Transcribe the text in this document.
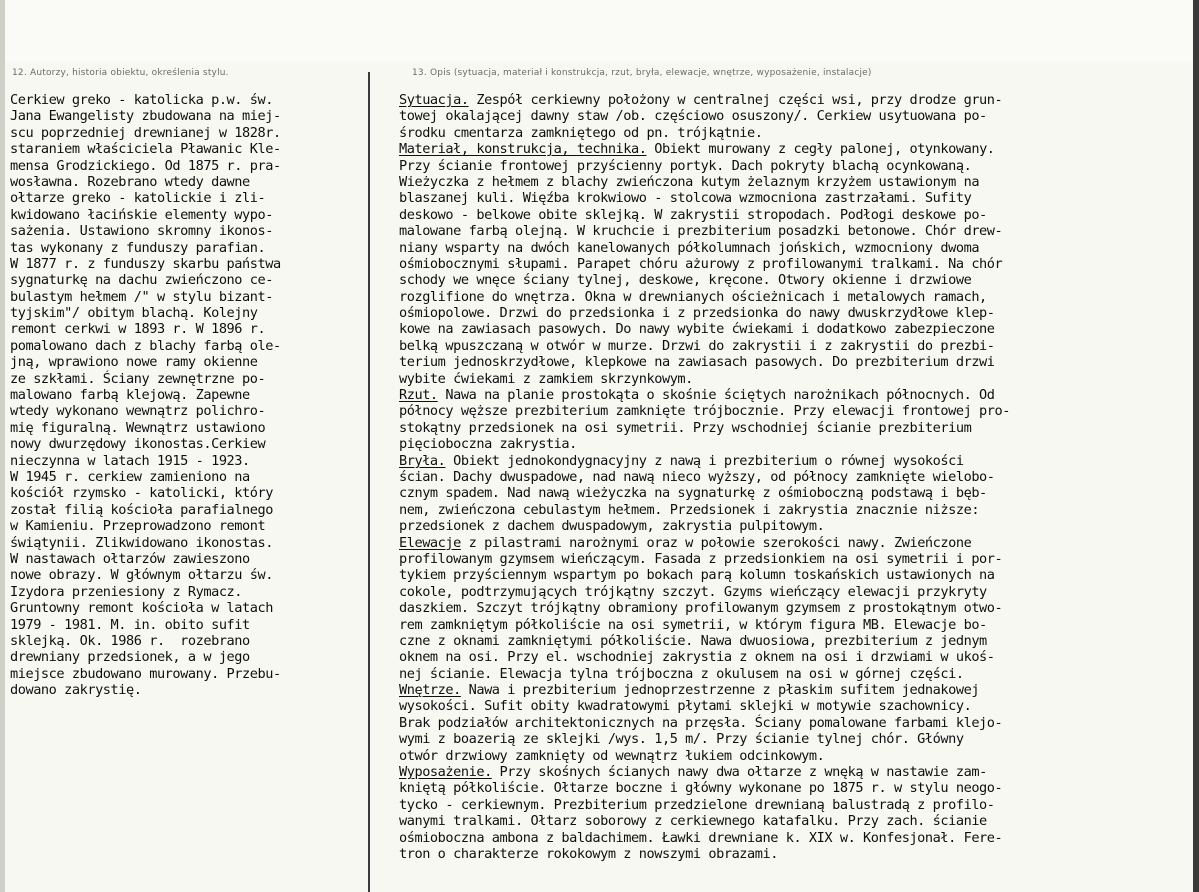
12. Autorzy, historia obiektu, określenia stylu.	13. Opis (sytuacja, materiał i konstrukcja, rzut, bryła, elewacje, wnętrze, wyposażenie, instalacje)
Cerkiew greko - katolicka p.w. św.
Jana Ewangelisty zbudowana na miej-
scu poprzedniej drewnianej w 1828r.
staraniem właściciela Pławanic Kle-
mensa Grodzickiego. Od 1875 r. pra-
wosławna. Rozebrano wtedy dawne
ołtarze greko - katolickie i zli-
kwidowano łacińskie elementy wypo-
sażenia. Ustawiono skromny ikonos-
tas wykonany z funduszy parafian.
W 1877 r. z funduszy skarbu państwa
sygnaturkę na dachu zwieńczono ce-
bulastym hełmem /" w stylu bizant-
tyjskim"/ obitym blachą. Kolejny
remont cerkwi w 1893 r. W 1896 r.
pomalowano dach z blachy farbą ole-
jną, wprawiono nowe ramy okienne
ze szkłami. Ściany zewnętrzne po-
malowano farbą klejową. Zapewne
wtedy wykonano wewnątrz polichro-
mię figuralną. Wewnątrz ustawiono
nowy dwurzędowy ikonostas.Cerkiew
nieczynna w latach 1915 - 1923.
W 1945 r. cerkiew zamieniono na
kościół rzymsko - katolicki, który
został filią kościoła parafialnego
w Kamieniu. Przeprowadzono remont
świątynii. Zlikwidowano ikonostas.
W nastawach ołtarzów zawieszono
nowe obrazy. W głównym ołtarzu św.
Izydora przeniesiony z Rymacz.
Gruntowny remont kościoła w latach
1979 - 1981. M. in. obito sufit
sklejką. Ok. 1986 r.  rozebrano
drewniany przedsionek, a w jego
miejsce zbudowano murowany. Przebu-
dowano zakrystię.
Sytuacja. Zespół cerkiewny położony w centralnej części wsi, przy drodze grun-
towej okalającej dawny staw /ob. częściowo osuszony/. Cerkiew usytuowana po-
środku cmentarza zamkniętego od pn. trójkątnie.
Materiał, konstrukcja, technika. Obiekt murowany z cegły palonej, otynkowany.
Przy ścianie frontowej przyścienny portyk. Dach pokryty blachą ocynkowaną.
Wieżyczka z hełmem z blachy zwieńczona kutym żelaznym krzyżem ustawionym na
blaszanej kuli. Więźba krokwiowo - stolcowa wzmocniona zastrzałami. Sufity
deskowo - belkowe obite sklejką. W zakrystii stropodach. Podłogi deskowe po-
malowane farbą olejną. W kruchcie i prezbiterium posadzki betonowe. Chór drew-
niany wsparty na dwóch kanelowanych półkolumnach jońskich, wzmocniony dwoma
ośmiobocznymi słupami. Parapet chóru ażurowy z profilowanymi tralkami. Na chór
schody we wnęce ściany tylnej, deskowe, kręcone. Otwory okienne i drzwiowe
rozglifione do wnętrza. Okna w drewnianych ościeżnicach i metalowych ramach,
ośmiopolowe. Drzwi do przedsionka i z przedsionka do nawy dwuskrzydłowe klep-
kowe na zawiasach pasowych. Do nawy wybite ćwiekami i dodatkowo zabezpieczone
belką wpuszczaną w otwór w murze. Drzwi do zakrystii i z zakrystii do prezbi-
terium jednoskrzydłowe, klepkowe na zawiasach pasowych. Do prezbiterium drzwi
wybite ćwiekami z zamkiem skrzynkowym.
Rzut. Nawa na planie prostokąta o skośnie ściętych narożnikach północnych. Od
północy węższe prezbiterium zamknięte trójbocznie. Przy elewacji frontowej pro-
stokątny przedsionek na osi symetrii. Przy wschodniej ścianie prezbiterium
pięcioboczna zakrystia.
Bryła. Obiekt jednokondygnacyjny z nawą i prezbiterium o równej wysokości
ścian. Dachy dwuspadowe, nad nawą nieco wyższy, od północy zamknięte wielobo-
cznym spadem. Nad nawą wieżyczka na sygnaturkę z ośmioboczną podstawą i bęb-
nem, zwieńczona cebulastym hełmem. Przedsionek i zakrystia znacznie niższe:
przedsionek z dachem dwuspadowym, zakrystia pulpitowym.
Elewacje z pilastrami narożnymi oraz w połowie szerokości nawy. Zwieńczone
profilowanym gzymsem wieńczącym. Fasada z przedsionkiem na osi symetrii i por-
tykiem przyściennym wspartym po bokach parą kolumn toskańskich ustawionych na
cokole, podtrzymujących trójkątny szczyt. Gzyms wieńczący elewacji przykryty
daszkiem. Szczyt trójkątny obramiony profilowanym gzymsem z prostokątnym otwo-
rem zamkniętym półkoliście na osi symetrii, w którym figura MB. Elewacje bo-
czne z oknami zamkniętymi półkoliście. Nawa dwuosiowa, prezbiterium z jednym
oknem na osi. Przy el. wschodniej zakrystia z oknem na osi i drzwiami w ukoś-
nej ścianie. Elewacja tylna trójboczna z okulusem na osi w górnej części.
Wnętrze. Nawa i prezbiterium jednoprzestrzenne z płaskim sufitem jednakowej
wysokości. Sufit obity kwadratowymi płytami sklejki w motywie szachownicy.
Brak podziałów architektonicznych na przęsła. Ściany pomalowane farbami klejo-
wymi z boazerią ze sklejki /wys. 1,5 m/. Przy ścianie tylnej chór. Główny
otwór drzwiowy zamknięty od wewnątrz łukiem odcinkowym.
Wyposażenie. Przy skośnych ścianych nawy dwa ołtarze z wnęką w nastawie zam-
kniętą półkoliście. Ołtarze boczne i główny wykonane po 1875 r. w stylu neogo-
tycko - cerkiewnym. Prezbiterium przedzielone drewnianą balustradą z profilo-
wanymi tralkami. Ołtarz soborowy z cerkiewnego katafalku. Przy zach. ścianie
ośmioboczna ambona z baldachimem. Ławki drewniane k. XIX w. Konfesjonał. Fere-
tron o charakterze rokokowym z nowszymi obrazami.
